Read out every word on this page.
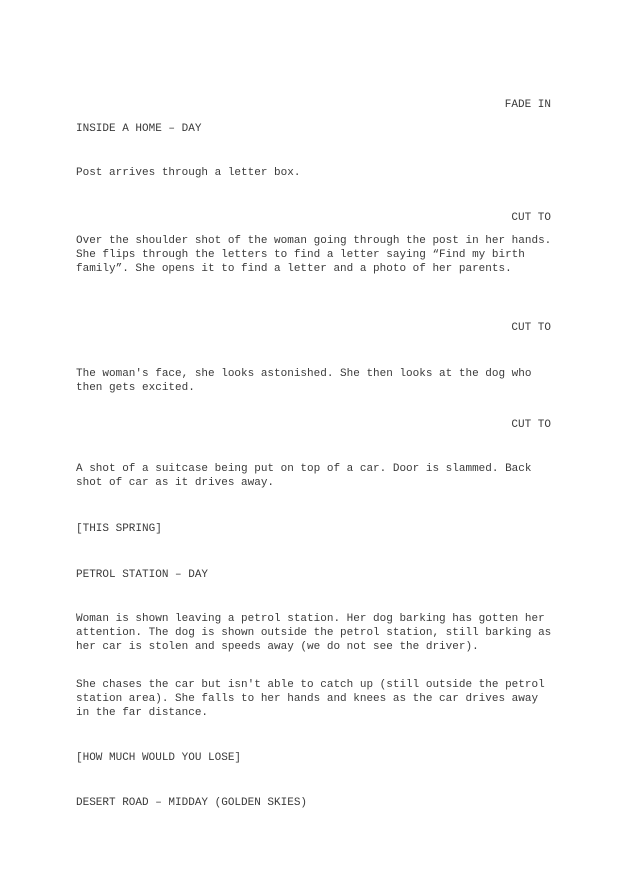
FADE IN
INSIDE A HOME – DAY
Post arrives through a letter box.
CUT TO
Over the shoulder shot of the woman going through the post in her hands. She flips through the letters to find a letter saying “Find my birth family”. She opens it to find a letter and a photo of her parents.
CUT TO
The woman's face, she looks astonished. She then looks at the dog who then gets excited.
CUT TO
A shot of a suitcase being put on top of a car. Door is slammed. Back shot of car as it drives away.
[THIS SPRING]
PETROL STATION – DAY
Woman is shown leaving a petrol station. Her dog barking has gotten her attention. The dog is shown outside the petrol station, still barking as her car is stolen and speeds away (we do not see the driver).
She chases the car but isn't able to catch up (still outside the petrol station area). She falls to her hands and knees as the car drives away in the far distance.
[HOW MUCH WOULD YOU LOSE]
DESERT ROAD – MIDDAY (GOLDEN SKIES)
